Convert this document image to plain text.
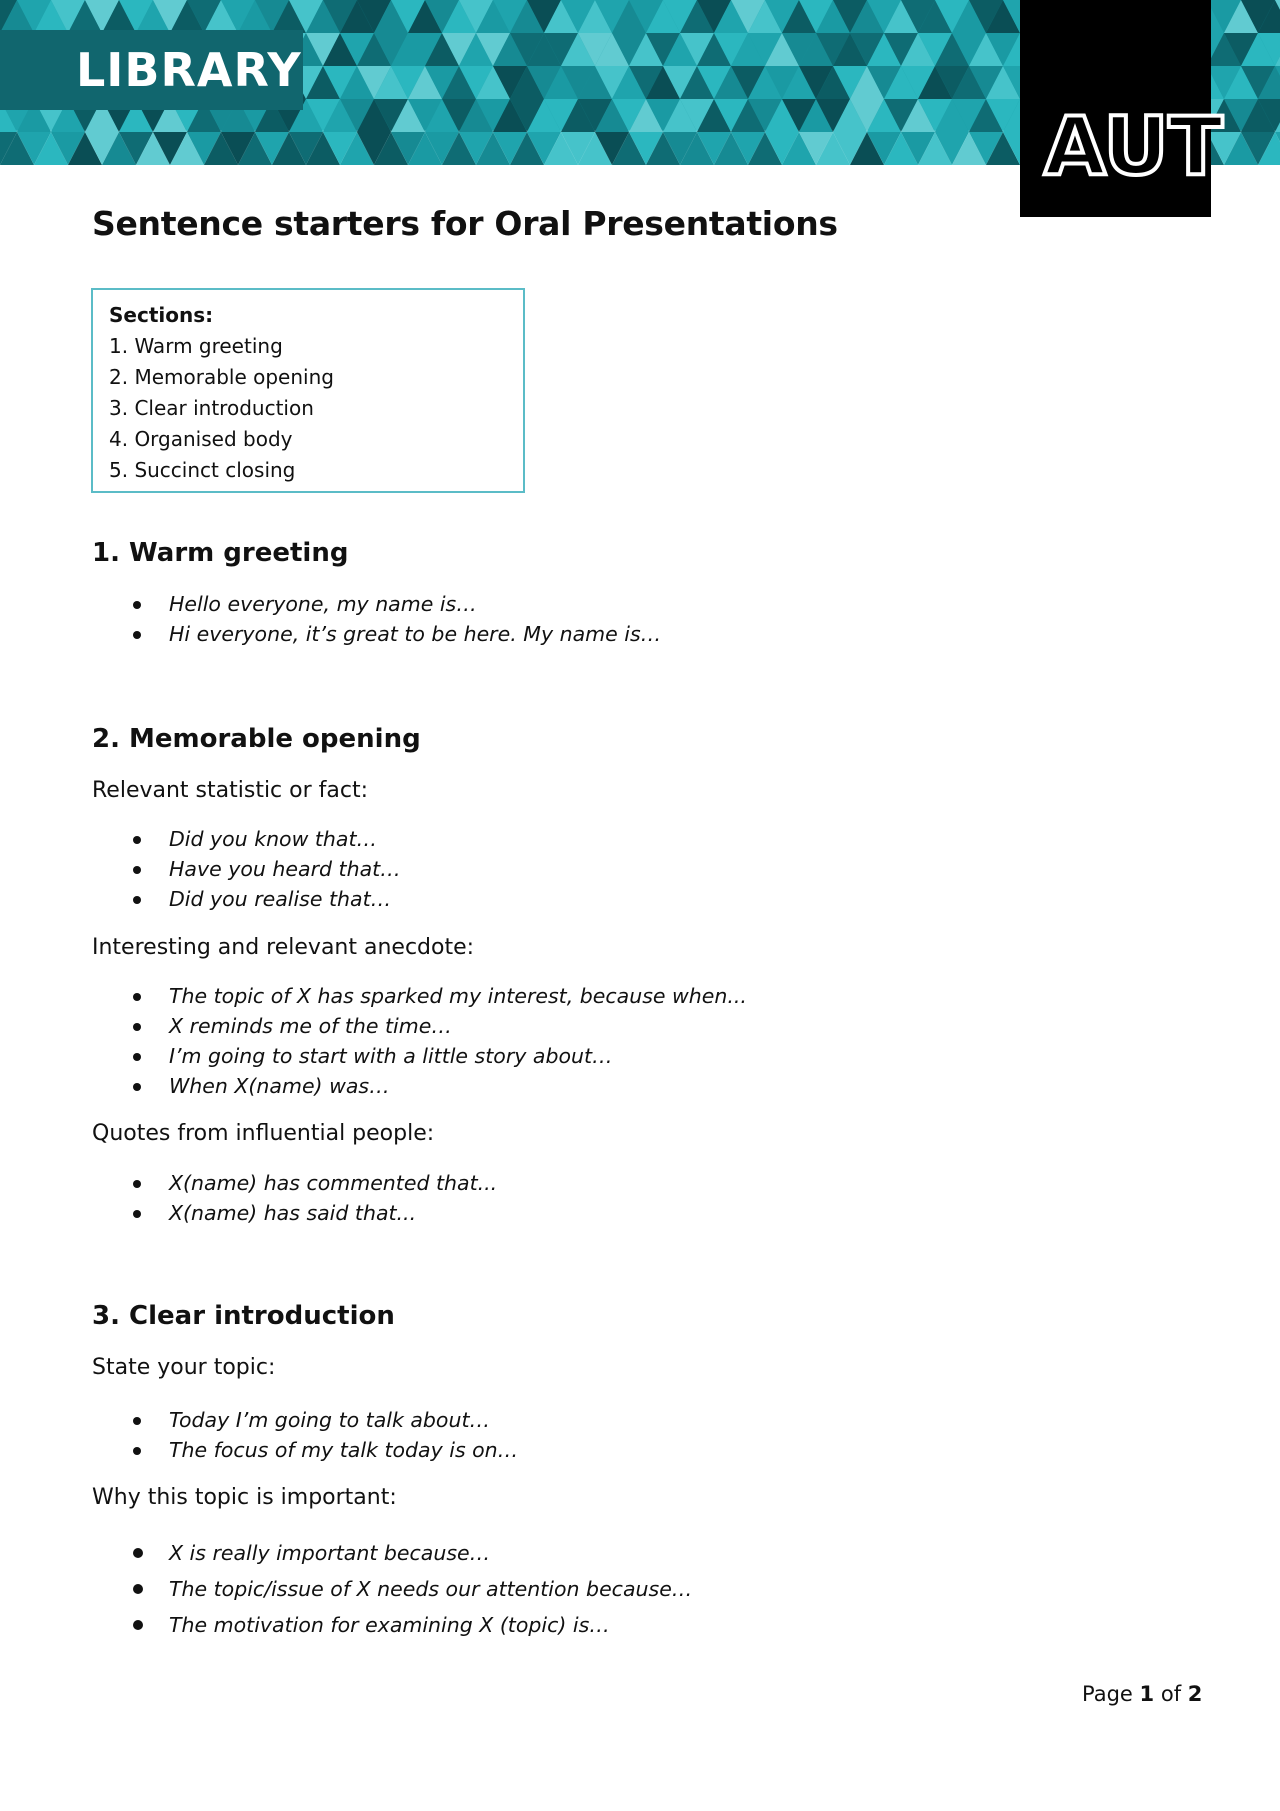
LIBRARY
AUT
Sentence starters for Oral Presentations
Sections:
1. Warm greeting
2. Memorable opening
3. Clear introduction
4. Organised body
5. Succinct closing
1. Warm greeting
Hello everyone, my name is…
Hi everyone, it’s great to be here. My name is…
2. Memorable opening
Relevant statistic or fact:
Did you know that…
Have you heard that…
Did you realise that…
Interesting and relevant anecdote:
The topic of X has sparked my interest, because when...
X reminds me of the time…
I’m going to start with a little story about…
When X(name) was…
Quotes from influential people:
X(name) has commented that...
X(name) has said that...
3. Clear introduction
State your topic:
Today I’m going to talk about…
The focus of my talk today is on…
Why this topic is important:
X is really important because…
The topic/issue of X needs our attention because…
The motivation for examining X (topic) is…
Page 1 of 2
